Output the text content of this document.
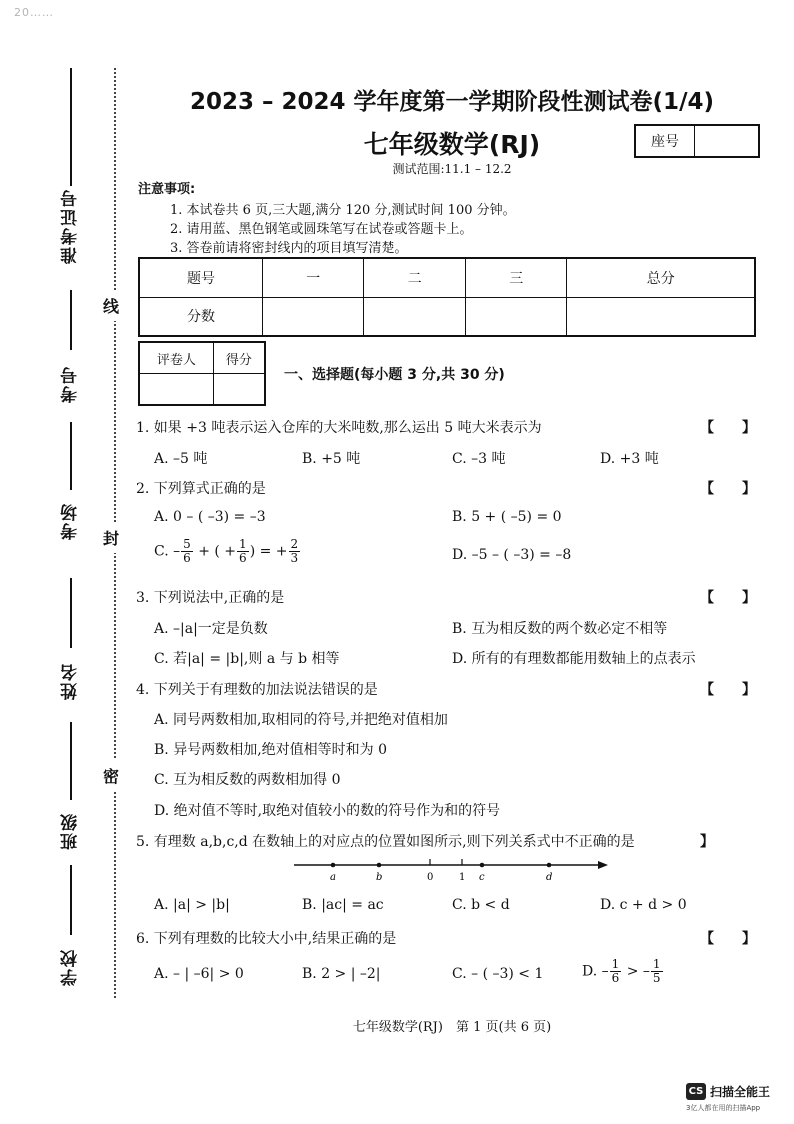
20……
准考证号
考号
考场
姓名
班级
学校
线
封
密
2023 – 2024 学年度第一学期阶段性测试卷(1/4)
七年级数学(RJ)	座号
测试范围:11.1 – 12.2
注意事项:
1. 本试卷共 6 页,三大题,满分 120 分,测试时间 100 分钟。
2. 请用蓝、黑色钢笔或圆珠笔写在试卷或答题卡上。
3. 答卷前请将密封线内的项目填写清楚。
题号	一	二	三	总分
分数				
评卷人	得分

一、选择题(每小题 3 分,共 30 分)
1. 如果 +3 吨表示运入仓库的大米吨数,那么运出 5 吨大米表示为	【 】
A. –5 吨	B. +5 吨	C. –3 吨	D. +3 吨
2. 下列算式正确的是	【 】
A. 0 – ( –3) = –3	B. 5 + ( –5) = 0
C. – $\frac{5}{6}$ + ( + $\frac{1}{6}$ ) = + $\frac{2}{3}$	D. –5 – ( –3) = –8
3. 下列说法中,正确的是	【 】
A. –|a|一定是负数	B. 互为相反数的两个数必定不相等
C. 若|a| = |b|,则 a 与 b 相等	D. 所有的有理数都能用数轴上的点表示
4. 下列关于有理数的加法说法错误的是	【 】
A. 同号两数相加,取相同的符号,并把绝对值相加
B. 异号两数相加,绝对值相等时和为 0
C. 互为相反数的两数相加得 0
D. 绝对值不等时,取绝对值较小的数的符号作为和的符号
5. 有理数 a,b,c,d 在数轴上的对应点的位置如图所示,则下列关系式中不正确的是	】
a	b	0	1 c	d
A. |a| > |b|	B. |ac| = ac	C. b < d	D. c + d > 0
6. 下列有理数的比较大小中,结果正确的是	【 】
A. – | –6| > 0	B. 2 > | –2|	C. – ( –3) < 1	D. – $\frac{1}{6}$ > – $\frac{1}{5}$
七年级数学(RJ)　第 1 页(共 6 页)
CS 扫描全能王
3亿人都在用的扫描App
